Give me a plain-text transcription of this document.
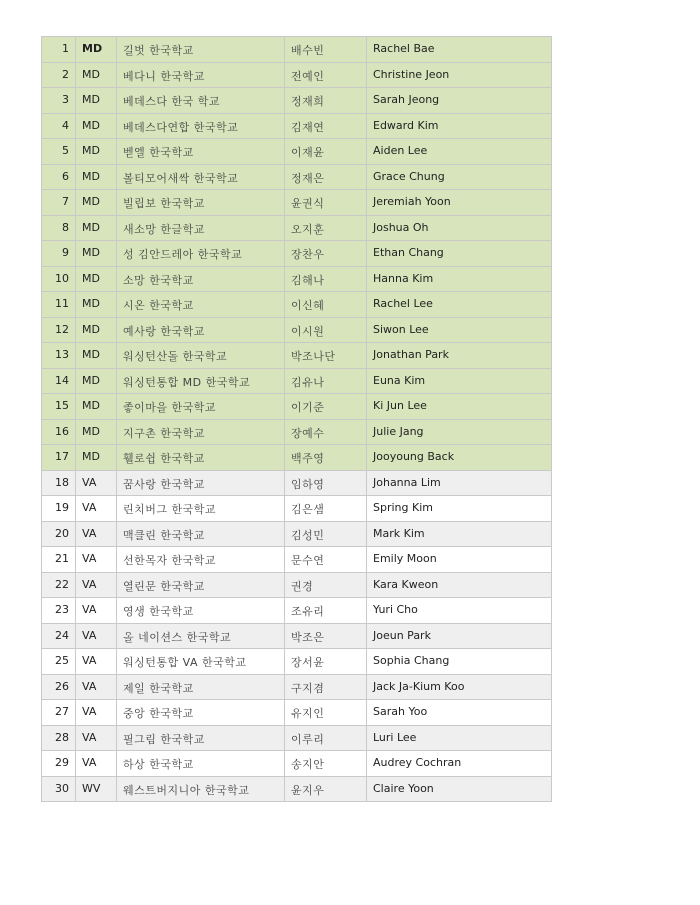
1	MD	길벗 한국학교	배수빈	Rachel Bae
2	MD	베다니 한국학교	전예인	Christine Jeon
3	MD	베데스다 한국 학교	정재희	Sarah Jeong
4	MD	베데스다연합 한국학교	김재연	Edward Kim
5	MD	벧엘 한국학교	이재윤	Aiden Lee
6	MD	볼티모어새싹 한국학교	정재은	Grace Chung
7	MD	빌립보 한국학교	윤권식	Jeremiah Yoon
8	MD	새소망 한글학교	오지훈	Joshua Oh
9	MD	성 김안드레아 한국학교	장찬우	Ethan Chang
10	MD	소망 한국학교	김해나	Hanna Kim
11	MD	시온 한국학교	이신혜	Rachel Lee
12	MD	예사랑 한국학교	이시원	Siwon Lee
13	MD	워싱턴산돌 한국학교	박조나단	Jonathan Park
14	MD	워싱턴통합 MD 한국학교	김유나	Euna Kim
15	MD	좋이마을 한국학교	이기준	Ki Jun Lee
16	MD	지구촌 한국학교	장예수	Julie Jang
17	MD	휄로쉽 한국학교	백주영	Jooyoung Back
18	VA	꿈사랑 한국학교	임하영	Johanna Lim
19	VA	린치버그 한국학교	김은샘	Spring Kim
20	VA	맥클린 한국학교	김성민	Mark Kim
21	VA	선한목자 한국학교	문수연	Emily Moon
22	VA	열린문 한국학교	권경	Kara Kweon
23	VA	영생 한국학교	조유리	Yuri Cho
24	VA	올 네이션스 한국학교	박조은	Joeun Park
25	VA	워싱턴통합 VA 한국학교	장서윤	Sophia Chang
26	VA	제일 한국학교	구지겸	Jack Ja-Kium Koo
27	VA	중앙 한국학교	유지인	Sarah Yoo
28	VA	필그림 한국학교	이루리	Luri Lee
29	VA	하상 한국학교	송지안	Audrey Cochran
30	WV	웨스트버지니아 한국학교	윤지우	Claire Yoon
